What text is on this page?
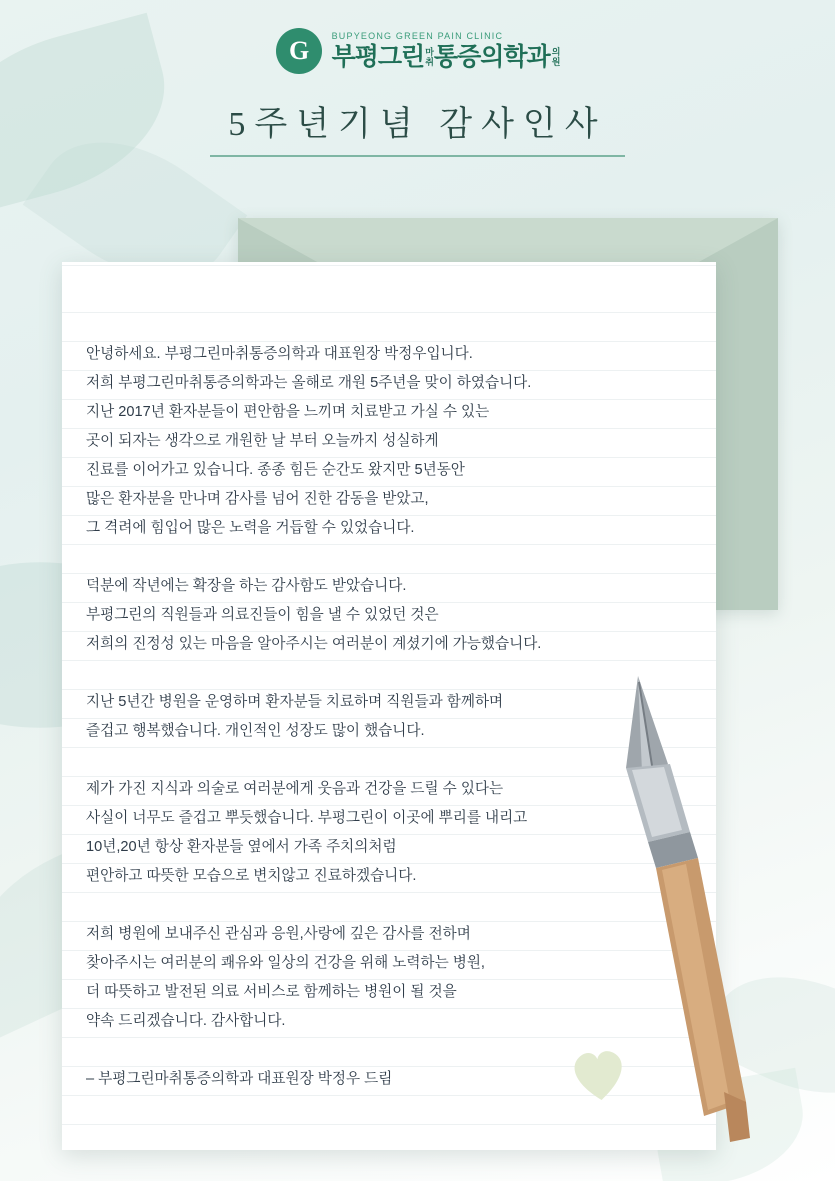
G	BUPYEONG GREEN PAIN CLINIC
부평그린 마
취 통증의학과 의
원
5주년기념 감사인사

안녕하세요. 부평그린마취통증의학과 대표원장 박정우입니다.

저희 부평그린마취통증의학과는 올해로 개원 5주년을 맞이 하였습니다.

지난 2017년 환자분들이 편안함을 느끼며 치료받고 가실 수 있는

곳이 되자는 생각으로 개원한 날 부터 오늘까지 성실하게

진료를 이어가고 있습니다. 종종 힘든 순간도 왔지만 5년동안

많은 환자분을 만나며 감사를 넘어 진한 감동을 받았고,

그 격려에 힘입어 많은 노력을 거듭할 수 있었습니다.

덕분에 작년에는 확장을 하는 감사함도 받았습니다.

부평그린의 직원들과 의료진들이 힘을 낼 수 있었던 것은

저희의 진정성 있는 마음을 알아주시는 여러분이 계셨기에 가능했습니다.

지난 5년간 병원을 운영하며 환자분들 치료하며 직원들과 함께하며

즐겁고 행복했습니다. 개인적인 성장도 많이 했습니다.

제가 가진 지식과 의술로 여러분에게 웃음과 건강을 드릴 수 있다는

사실이 너무도 즐겁고 뿌듯했습니다. 부평그린이 이곳에 뿌리를 내리고

10년,20년 항상 환자분들 옆에서 가족 주치의처럼

편안하고 따뜻한 모습으로 변치않고 진료하겠습니다.

저희 병원에 보내주신 관심과 응원,사랑에 깊은 감사를 전하며

찾아주시는 여러분의 쾌유와 일상의 건강을 위해 노력하는 병원,

더 따뜻하고 발전된 의료 서비스로 함께하는 병원이 될 것을

약속 드리겠습니다. 감사합니다.

– 부평그린마취통증의학과 대표원장 박정우 드림
